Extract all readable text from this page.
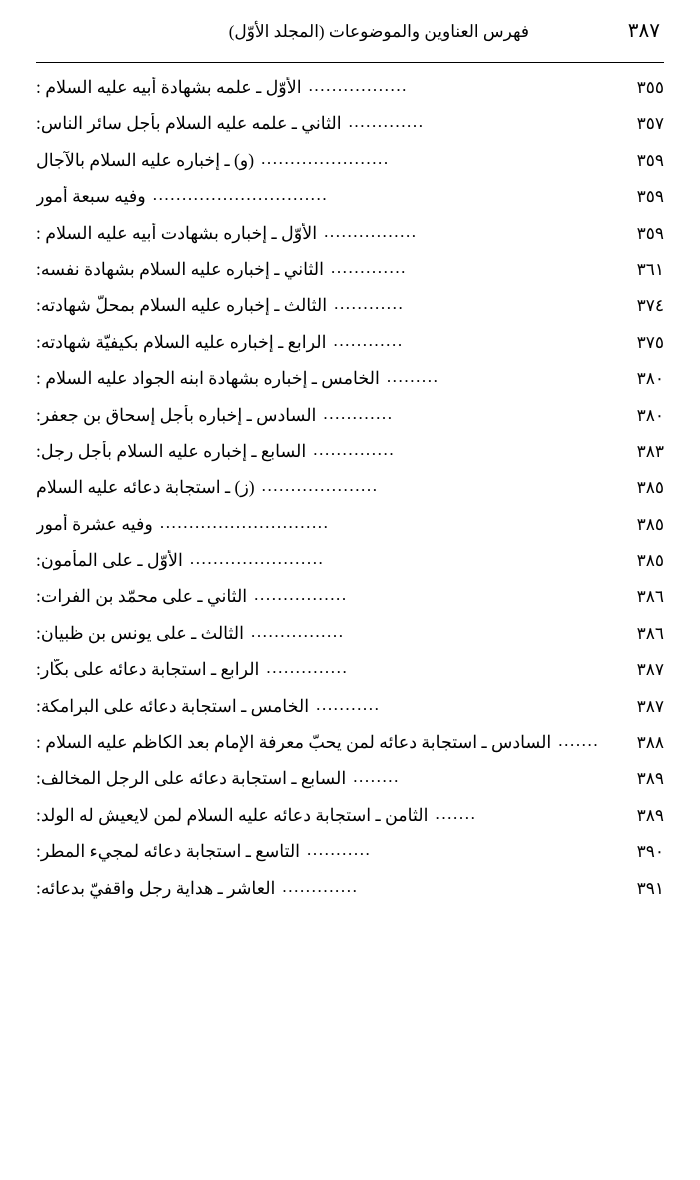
٣٨٧
فهرس العناوين والموضوعات (المجلد الأوّل)
٣٥٥
.................
الأوّل ـ علمه بشهادة أبيه عليه السلام :
٣٥٧
.............
الثاني ـ علمه عليه السلام بأجل سائر الناس:
٣٥٩
......................
(و) ـ إخباره عليه السلام بالآجال
٣٥٩
..............................
وفيه سبعة أمور
٣٥٩
................
الأوّل ـ إخباره بشهادت أبيه عليه السلام :
٣٦١
.............
الثاني ـ إخباره عليه السلام بشهادة نفسه:
٣٧٤
............
الثالث ـ إخباره عليه السلام بمحلّ شهادته:
٣٧٥
............
الرابع ـ إخباره عليه السلام بكيفيّة شهادته:
٣٨٠
.........
الخامس ـ إخباره بشهادة ابنه الجواد عليه السلام :
٣٨٠
............
السادس ـ إخباره بأجل إسحاق بن جعفر:
٣٨٣
..............
السابع ـ إخباره عليه السلام بأجل رجل:
٣٨٥
....................
(ز) ـ استجابة دعائه عليه السلام
٣٨٥
.............................
وفيه عشرة أمور
٣٨٥
.......................
الأوّل ـ على المأمون:
٣٨٦
................
الثاني ـ على محمّد بن الفرات:
٣٨٦
................
الثالث ـ على يونس بن ظبيان:
٣٨٧
..............
الرابع ـ استجابة دعائه على بكّار:
٣٨٧
...........
الخامس ـ استجابة دعائه على البرامكة:
٣٨٨
.......
السادس ـ استجابة دعائه لمن يحبّ معرفة الإمام بعد الكاظم عليه السلام :
٣٨٩
........
السابع ـ استجابة دعائه على الرجل المخالف:
٣٨٩
.......
الثامن ـ استجابة دعائه عليه السلام لمن لايعيش له الولد:
٣٩٠
...........
التاسع ـ استجابة دعائه لمجيء المطر:
٣٩١
.............
العاشر ـ هداية رجل واقفيّ بدعائه:
